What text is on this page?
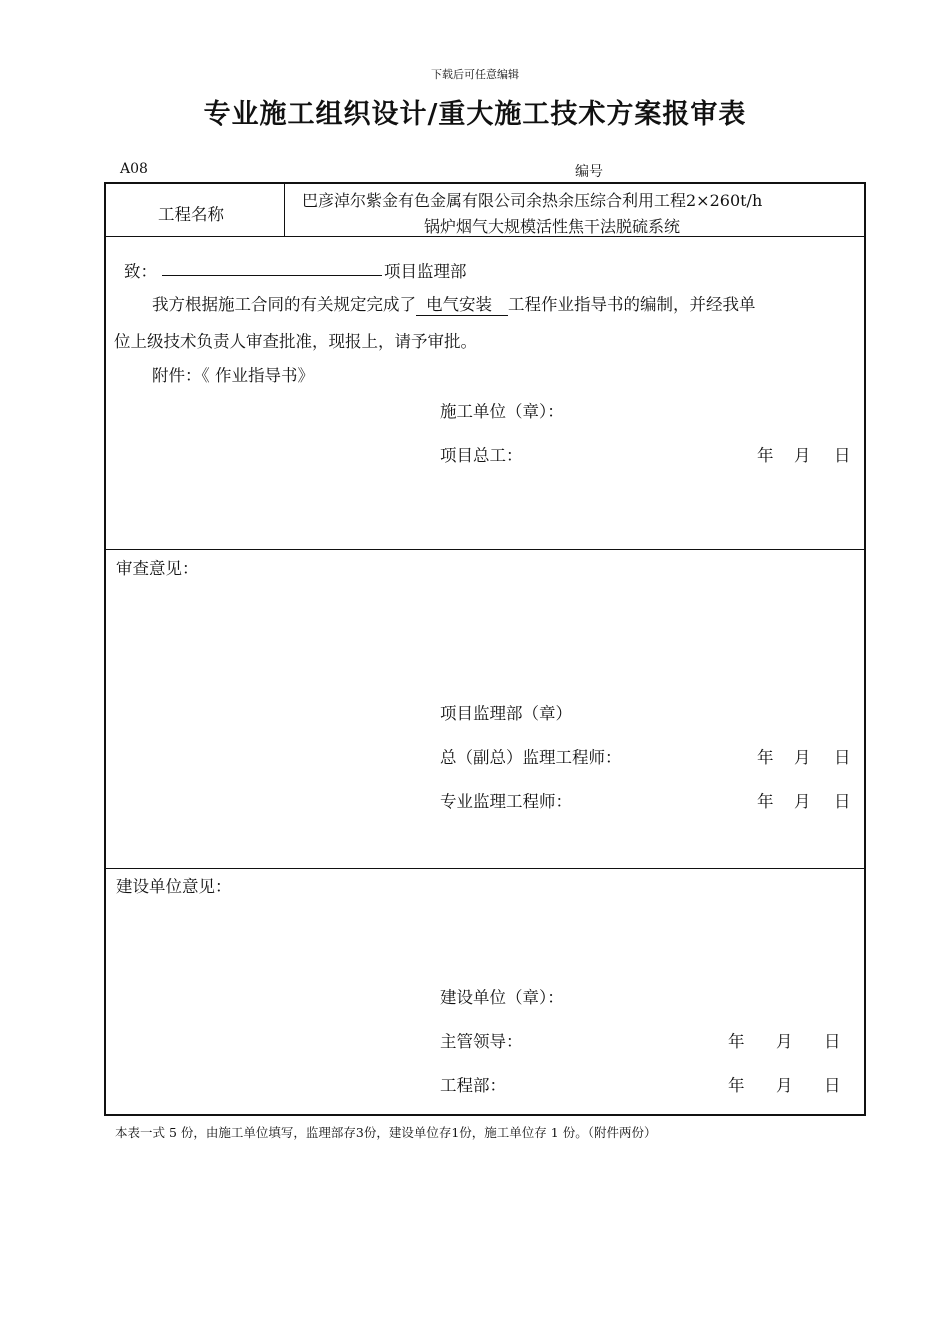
下载后可任意编辑
专业施工组织设计/重大施工技术方案报审表
A08	编号
工程名称
巴彦淖尔紫金有色金属有限公司余热余压综合利用工程2×260t/h
锅炉烟气大规模活性焦干法脱硫系统
致：	项目监理部
我方根据施工合同的有关规定完成了 电气安装 工程作业指导书的编制，并经我单
位上级技术负责人审查批准，现报上，请予审批。
附件：《 作业指导书》
施工单位（章）：
项目总工：	年 月 日
审查意见：
项目监理部（章）
总（副总）监理工程师：	年 月 日
专业监理工程师：	年 月 日
建设单位意见：
建设单位（章）：
主管领导：	年 月 日
工程部：	年 月 日
本表一式 5 份，由施工单位填写，监理部存3份，建设单位存1份，施工单位存 1 份。（附件两份）
